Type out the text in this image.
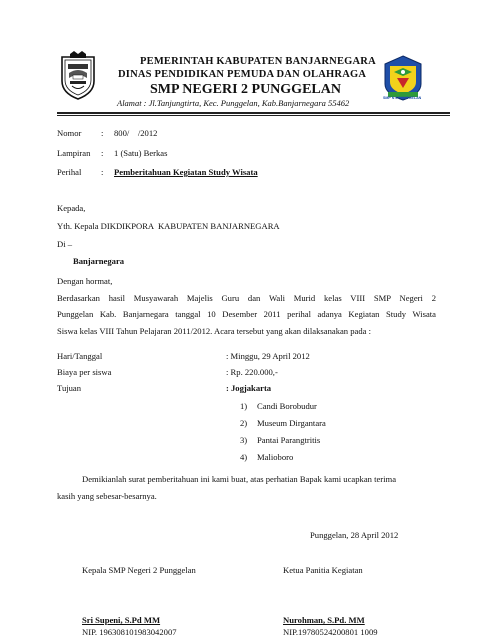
SMP N 2 PUNGGELAN
PEMERINTAH KABUPATEN BANJARNEGARA
DINAS PENDIDIKAN PEMUDA DAN OLAHRAGA
SMP NEGERI 2 PUNGGELAN
Alamat : Jl.Tanjungtirta, Kec. Punggelan, Kab.Banjarnegara 55462
Nomor : 800/    /2012
Lampiran : 1 (Satu) Berkas
Perihal : Pemberitahuan Kegiatan Study Wisata
Kepada,
Yth. Kepala DIKDIKPORA  KABUPATEN BANJARNEGARA
Di –
Banjarnegara
Dengan hormat,
Berdasarkan hasil Musyawarah Majelis Guru dan Wali Murid kelas VIII SMP Negeri 2
Punggelan Kab. Banjarnegara tanggal 10 Desember 2011 perihal adanya Kegiatan Study Wisata
Siswa kelas VIII Tahun Pelajaran 2011/2012. Acara tersebut yang akan dilaksanakan pada :
Hari/Tanggal	: Minggu, 29 April 2012
Biaya per siswa	: Rp. 220.000,-
Tujuan	: Jogjakarta
1) Candi Borobudur
2) Museum Dirgantara
3) Pantai Parangtritis
4) Malioboro
Demikianlah surat pemberitahuan ini kami buat, atas perhatian Bapak kami ucapkan terima
kasih yang sebesar-besarnya.
Punggelan, 28 April 2012
Kepala SMP Negeri 2 Punggelan	Ketua Panitia Kegiatan
Sri Supeni, S.Pd MM
NIP. 196308101983042007
Nurohman, S.Pd. MM
NIP.19780524200801 1009
